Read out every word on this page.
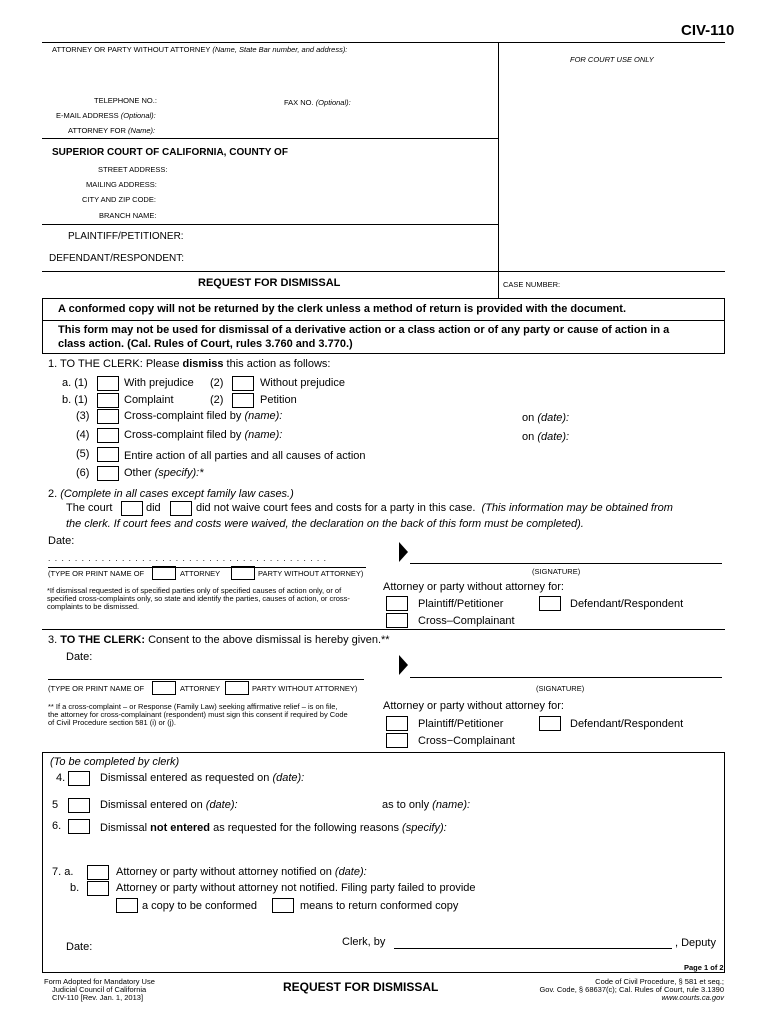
CIV-110
ATTORNEY OR PARTY WITHOUT ATTORNEY (Name, State Bar number, and address):
FOR COURT USE ONLY
TELEPHONE NO.:	FAX NO. (Optional):
E-MAIL ADDRESS (Optional):
ATTORNEY FOR (Name):
SUPERIOR COURT OF CALIFORNIA, COUNTY OF
STREET ADDRESS:
MAILING ADDRESS:
CITY AND ZIP CODE:
BRANCH NAME:
PLAINTIFF/PETITIONER:
DEFENDANT/RESPONDENT:
REQUEST FOR DISMISSAL	CASE NUMBER:
A conformed copy will not be returned by the clerk unless a method of return is provided with the document.
This form may not be used for dismissal of a derivative action or a class action or of any party or cause of action in a
class action. (Cal. Rules of Court, rules 3.760 and 3.770.)
1. TO THE CLERK: Please dismiss this action as follows:
a. (1)	With prejudice (2)	Without prejudice
b. (1)	Complaint	(2)	Petition
(3)	Cross-complaint filed by (name):	on (date):
(4)	Cross-complaint filed by (name):	on (date):
(5)	Entire action of all parties and all causes of action
(6)	Other (specify):*
2. (Complete in all cases except family law cases.)
The court	did	did not waive court fees and costs for a party in this case. (This information may be obtained from
the clerk. If court fees and costs were waived, the declaration on the back of this form must be completed).
Date:
. . . . . . . . . . . . . . . . . . . . . . . . . . . . . . . . . . . . . . . . . .
(TYPE OR PRINT NAME OF	ATTORNEY	PARTY WITHOUT ATTORNEY)	(SIGNATURE)
*If dismissal requested is of specified parties only of specified causes of action only, or of specified cross-complaints only, so state and identify the parties, causes of action, or cross-complaints to be dismissed.
Attorney or party without attorney for:
Plaintiff/Petitioner	Defendant/Respondent
Cross–Complainant
3. TO THE CLERK: Consent to the above dismissal is hereby given.**
Date:
(TYPE OR PRINT NAME OF	ATTORNEY	PARTY WITHOUT ATTORNEY)	(SIGNATURE)
** If a cross-complaint – or Response (Family Law) seeking affirmative relief – is on file, the attorney for cross-complainant (respondent) must sign this consent if required by Code of Civil Procedure section 581 (i) or (j).
Attorney or party without attorney for:
Plaintiff/Petitioner	Defendant/Respondent
Cross−Complainant
(To be completed by clerk)
4.	Dismissal entered as requested on (date):
5	Dismissal entered on (date):	as to only (name):
6.	Dismissal not entered as requested for the following reasons (specify):
7. a.	Attorney or party without attorney notified on (date):
b.	Attorney or party without attorney not notified. Filing party failed to provide
a copy to be conformed	means to return conformed copy
Date:	Clerk, by	, Deputy
Page 1 of 2
Form Adopted for Mandatory Use
Judicial Council of California
CIV-110 [Rev. Jan. 1, 2013]
REQUEST FOR DISMISSAL	Code of Civil Procedure, § 581 et seq.;
Gov. Code, § 68637(c); Cal. Rules of Court, rule 3.1390
www.courts.ca.gov
